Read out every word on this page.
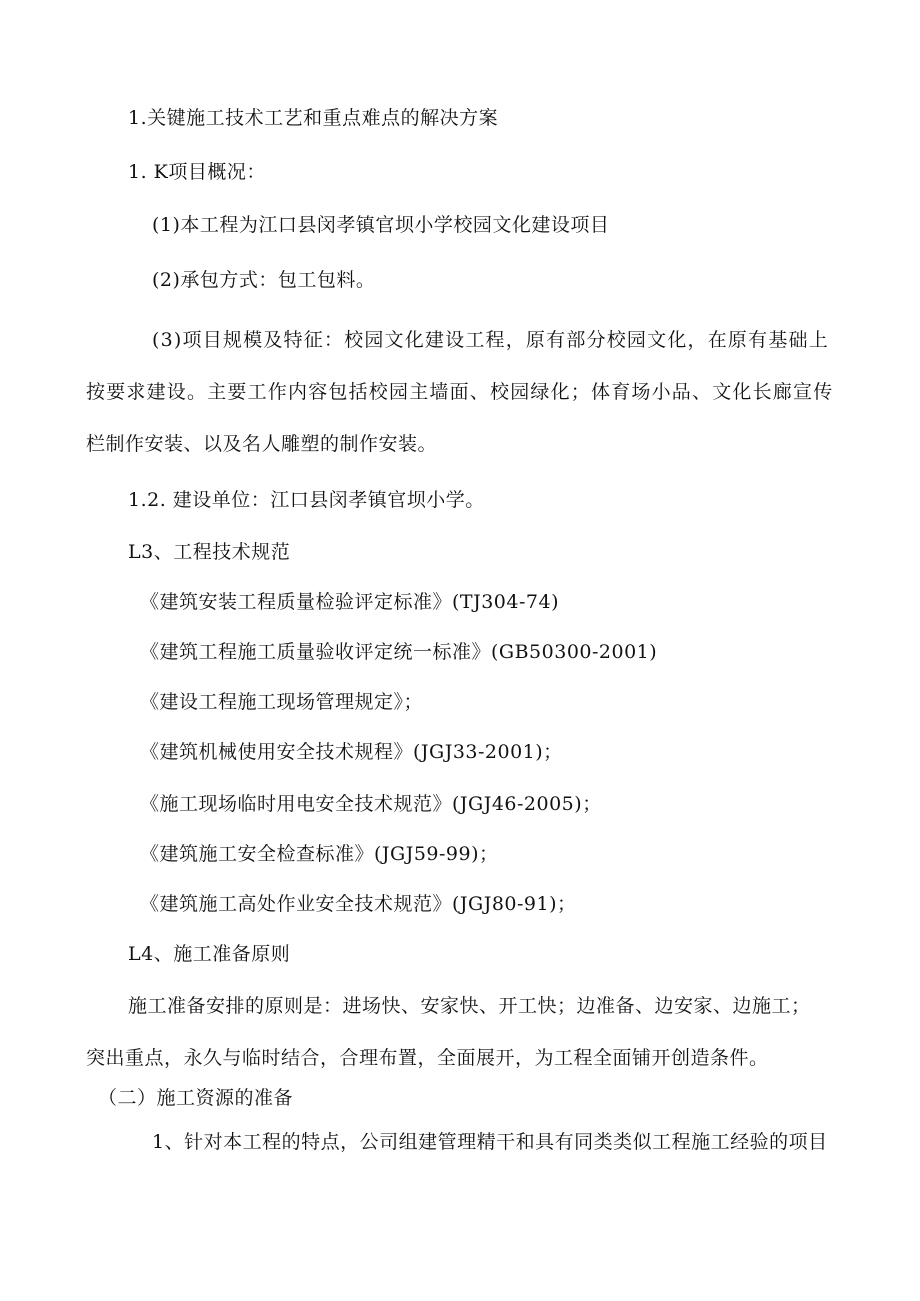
1.关键施工技术工艺和重点难点的解决方案
1. K项目概况：
(1)本工程为江口县闵孝镇官坝小学校园文化建设项目
(2)承包方式：包工包料。
(3)项目规模及特征：校园文化建设工程，原有部分校园文化，在原有基础上
按要求建设。主要工作内容包括校园主墙面、校园绿化；体育场小品、文化长廊宣传
栏制作安装、以及名人雕塑的制作安装。
1.2. 建设单位：江口县闵孝镇官坝小学。
L3、工程技术规范
《建筑安装工程质量检验评定标准》(TJ304-74)
《建筑工程施工质量验收评定统一标准》(GB50300-2001)
《建设工程施工现场管理规定》；
《建筑机械使用安全技术规程》(JGJ33-2001)；
《施工现场临时用电安全技术规范》(JGJ46-2005)；
《建筑施工安全检查标准》(JGJ59-99)；
《建筑施工高处作业安全技术规范》(JGJ80-91)；
L4、施工准备原则
施工准备安排的原则是：进场快、安家快、开工快；边准备、边安家、边施工；
突出重点，永久与临时结合，合理布置，全面展开，为工程全面铺开创造条件。
（二）施工资源的准备
1、针对本工程的特点，公司组建管理精干和具有同类类似工程施工经验的项目
